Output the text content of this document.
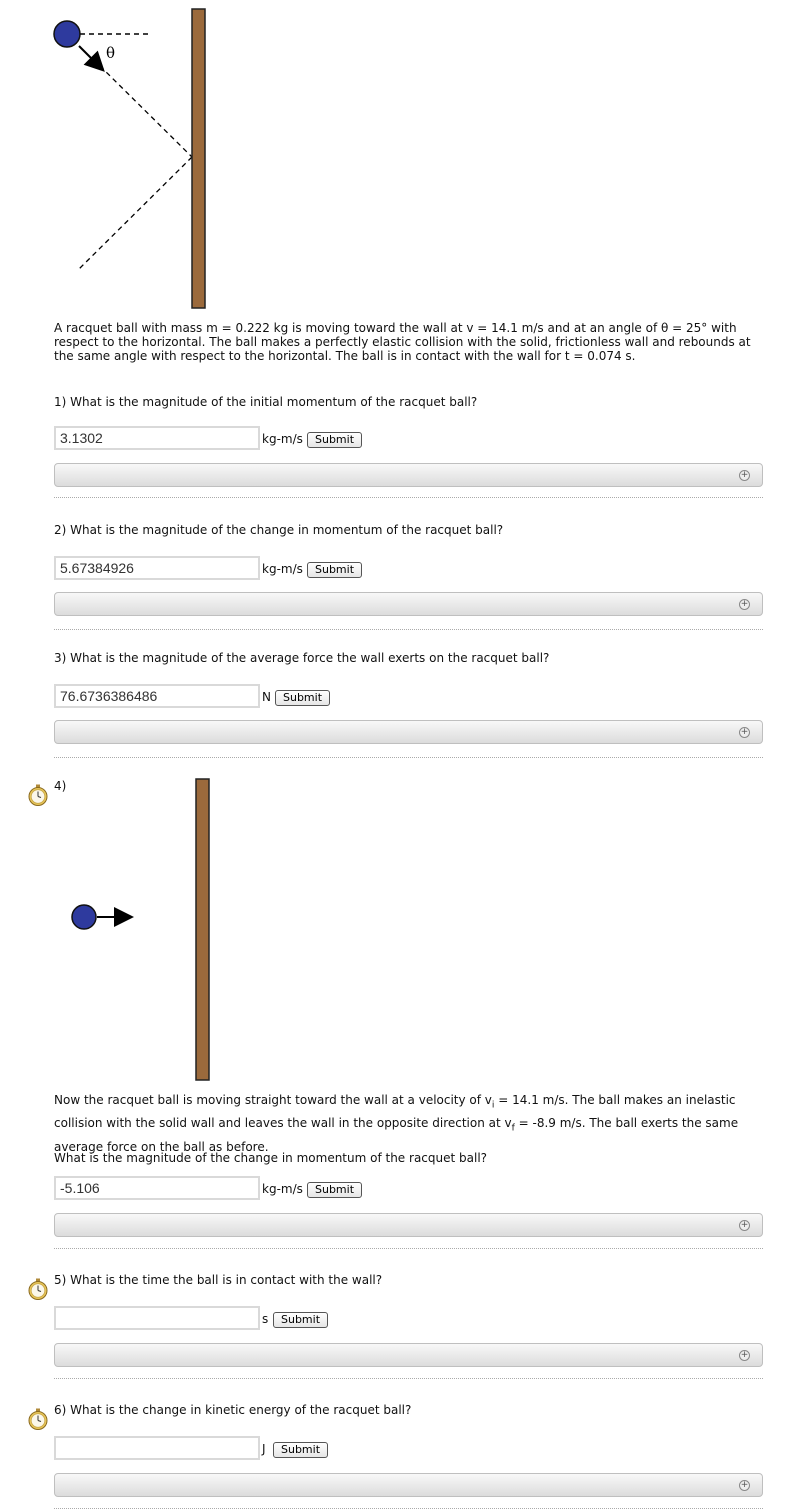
θ
A racquet ball with mass m = 0.222 kg is moving toward the wall at v = 14.1 m/s and at an angle of θ = 25° with respect to the horizontal. The ball makes a perfectly elastic collision with the solid, frictionless wall and rebounds at the same angle with respect to the horizontal. The ball is in contact with the wall for t = 0.074 s.
1) What is the magnitude of the initial momentum of the racquet ball?
3.1302
kg-m/s	Submit
+
2) What is the magnitude of the change in momentum of the racquet ball?
5.67384926
kg-m/s	Submit
+
3) What is the magnitude of the average force the wall exerts on the racquet ball?
76.6736386486
N	Submit
+
4)
Now the racquet ball is moving straight toward the wall at a velocity of $v_i = 14.1$ m/s. The ball makes an inelastic collision with the solid wall and leaves the wall in the opposite direction at $v_f = -8.9$ m/s. The ball exerts the same average force on the ball as before.
What is the magnitude of the change in momentum of the racquet ball?
-5.106
kg-m/s	Submit
+
5) What is the time the ball is in contact with the wall?
s	Submit
+
6) What is the change in kinetic energy of the racquet ball?
J	Submit
+
